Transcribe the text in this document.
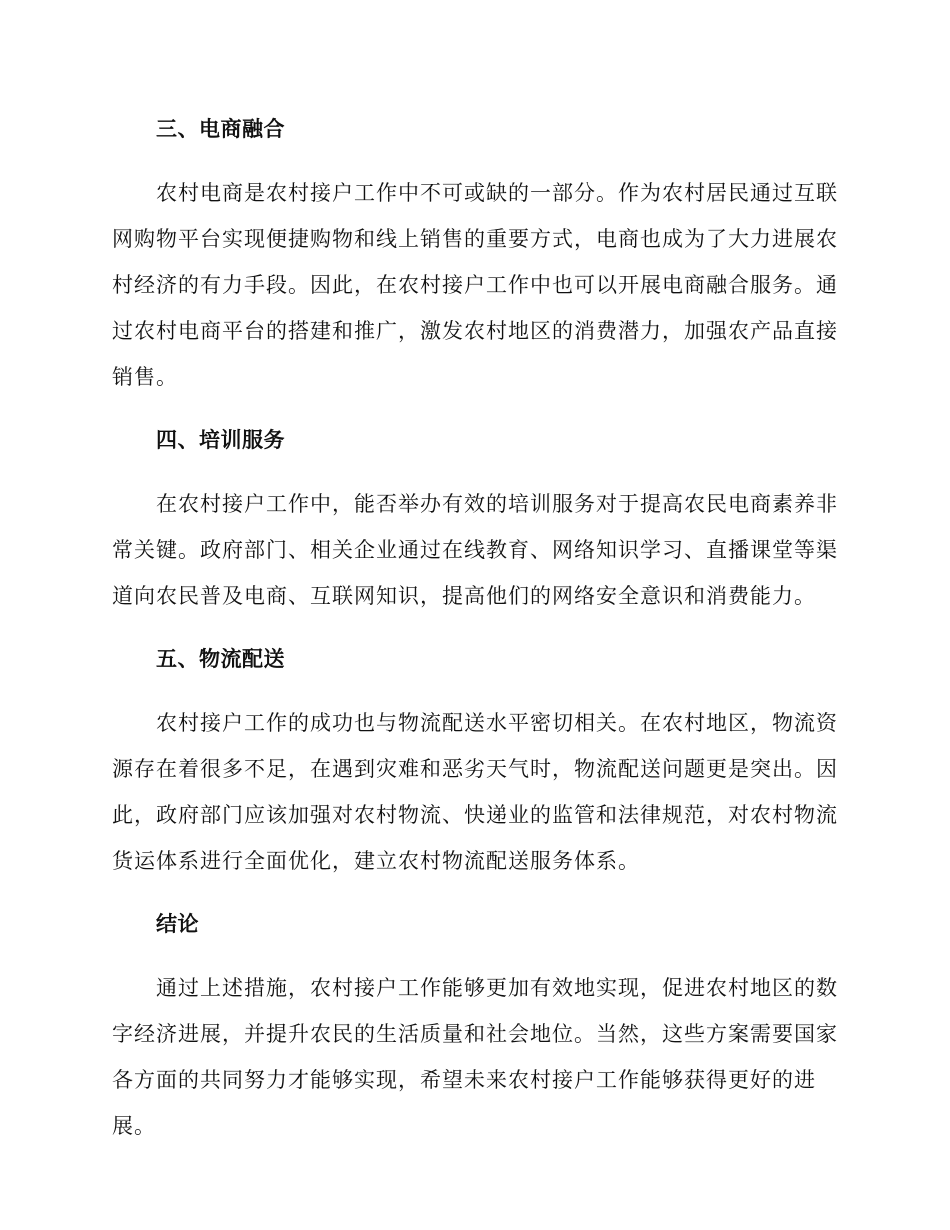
三、电商融合

农村电商是农村接户工作中不可或缺的一部分。作为农村居民通过互联网购物平台实现便捷购物和线上销售的重要方式，电商也成为了大力进展农村经济的有力手段。因此，在农村接户工作中也可以开展电商融合服务。通过农村电商平台的搭建和推广，激发农村地区的消费潜力，加强农产品直接销售。

四、培训服务

在农村接户工作中，能否举办有效的培训服务对于提高农民电商素养非常关键。政府部门、相关企业通过在线教育、网络知识学习、直播课堂等渠道向农民普及电商、互联网知识，提高他们的网络安全意识和消费能力。

五、物流配送

农村接户工作的成功也与物流配送水平密切相关。在农村地区，物流资源存在着很多不足，在遇到灾难和恶劣天气时，物流配送问题更是突出。因此，政府部门应该加强对农村物流、快递业的监管和法律规范，对农村物流货运体系进行全面优化，建立农村物流配送服务体系。

结论

通过上述措施，农村接户工作能够更加有效地实现，促进农村地区的数字经济进展，并提升农民的生活质量和社会地位。当然，这些方案需要国家各方面的共同努力才能够实现，希望未来农村接户工作能够获得更好的进展。
